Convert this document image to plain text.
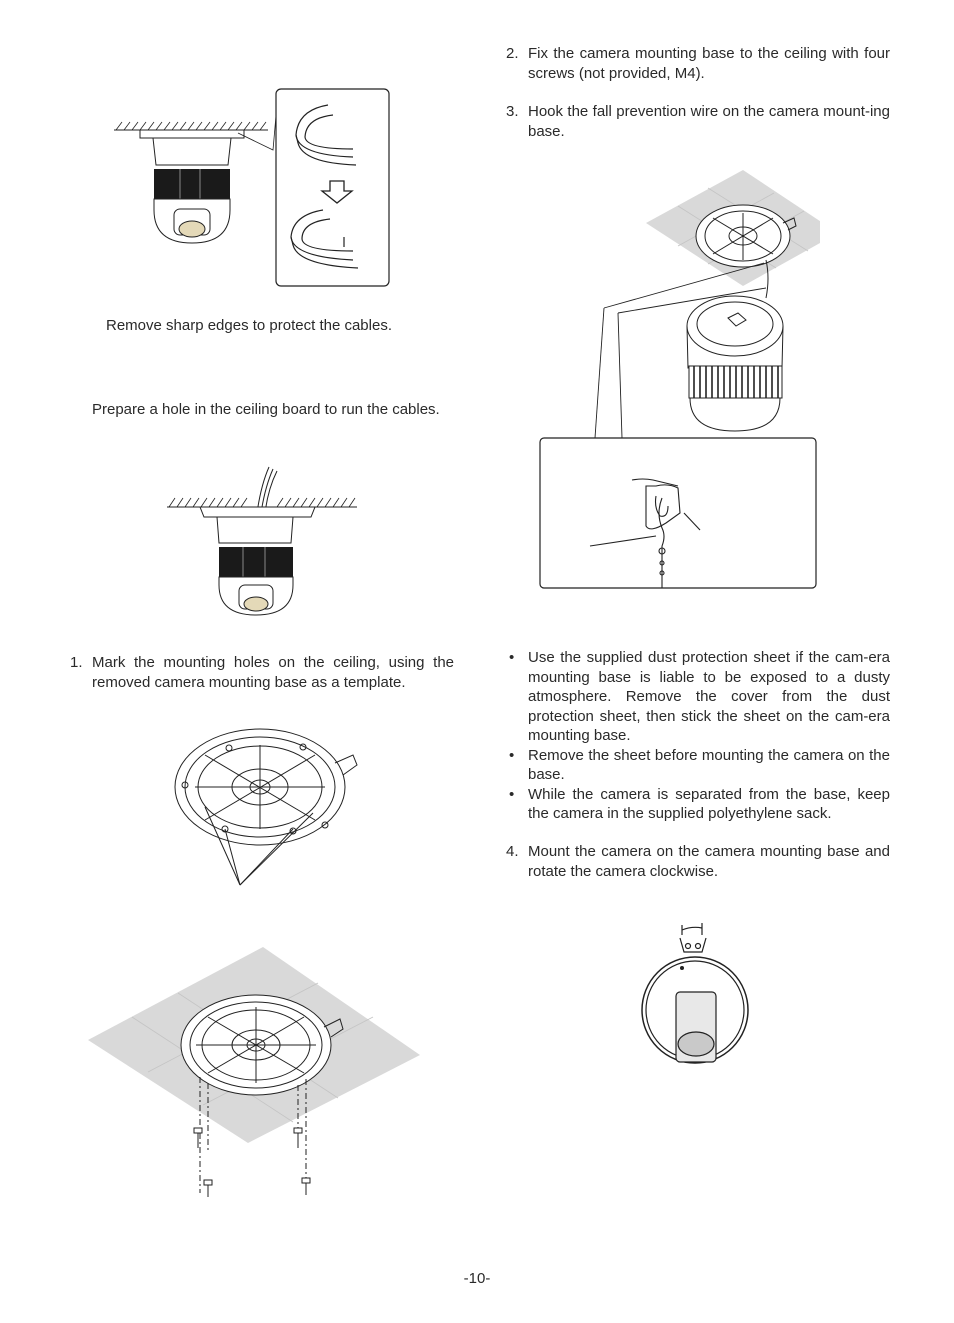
Remove sharp edges to protect the cables.
Prepare a hole in the ceiling board to run the cables.
1. Mark the mounting holes on the ceiling, using the removed camera mounting base as a template.
2. Fix the camera mounting base to the ceiling with four screws (not provided, M4).
3. Hook the fall prevention wire on the camera mount-ing base.
• Use the supplied dust protection sheet if the cam-era mounting base is liable to be exposed to a dusty atmosphere. Remove the cover from the dust protection sheet, then stick the sheet on the cam-era mounting base.
• Remove the sheet before mounting the camera on the base.
• While the camera is separated from the base, keep the camera in the supplied polyethylene sack.
4. Mount the camera on the camera mounting base and rotate the camera clockwise.
-10-
